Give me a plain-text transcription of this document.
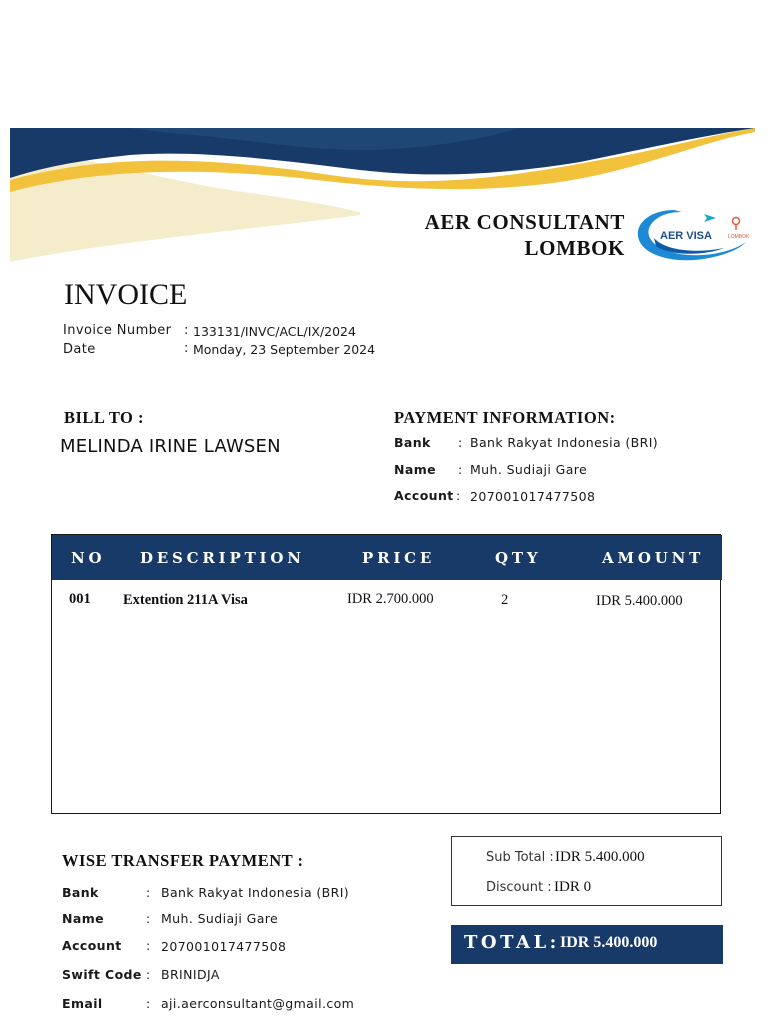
AER CONSULTANT
LOMBOK	AER VISA	LOMBOK
INVOICE
Invoice Number : 133131/INVC/ACL/IX/2024
Date	: Monday, 23 September 2024
BILL TO :
MELINDA IRINE LAWSEN
PAYMENT INFORMATION:
Bank : Bank Rakyat Indonesia (BRI)
Name : Muh. Sudiaji Gare
Account : 207001017477508
NO DESCRIPTION	PRICE	QTY	AMOUNT
001 Extention 211A Visa	IDR 2.700.000	2	IDR 5.400.000
WISE TRANSFER PAYMENT :
Bank	: Bank Rakyat Indonesia (BRI)
Name	: Muh. Sudiaji Gare
Account : 207001017477508
Swift Code : BRINIDJA
Email	: aji.aerconsultant@gmail.com
Sub Total : IDR 5.400.000
Discount : IDR 0
TOTAL: IDR 5.400.000
